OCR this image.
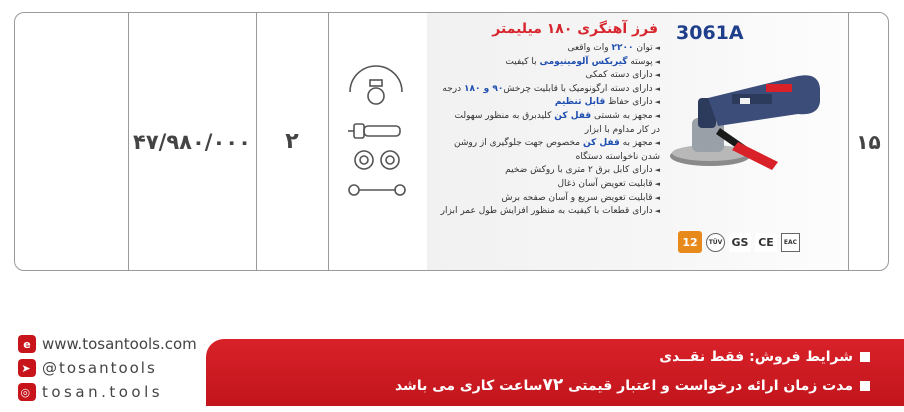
۴۷/۹۸۰/۰۰۰	۲	۱۵
3061A
فرز آهنگری ۱۸۰ میلیمتر
◄توان ۲۲۰۰ وات واقعی
◄پوسته گیربکس آلومینیومی با کیفیت
◄دارای دسته کمکی
◄دارای دسته ارگونومیک با قابلیت چرخش۹۰ و ۱۸۰ درجه
◄دارای حفاظ قابل تنظیم
◄مجهز به شستی قفل کن کلیدبرق به منظور سهولت
در کار مداوم با ابزار
◄مجهز به قفل کن مخصوص جهت جلوگیری از روشن
شدن ناخواسته دستگاه
◄دارای کابل برق ۲ متری با روکش ضخیم
◄قابلیت تعویض آسان ذغال
◄قابلیت تعویض سریع و آسان صفحه برش
◄دارای قطعات با کیفیت به منظور افزایش طول عمر ابزار
12	TÜV GS CE	EAC
شرایط فروش: فقط نقــدی
مدت زمان ارائه درخواست و اعتبار قیمتی ۷۲ساعت کاری می باشد
e www.tosantools.com
➤ @tosantools
◎ tosan.tools
